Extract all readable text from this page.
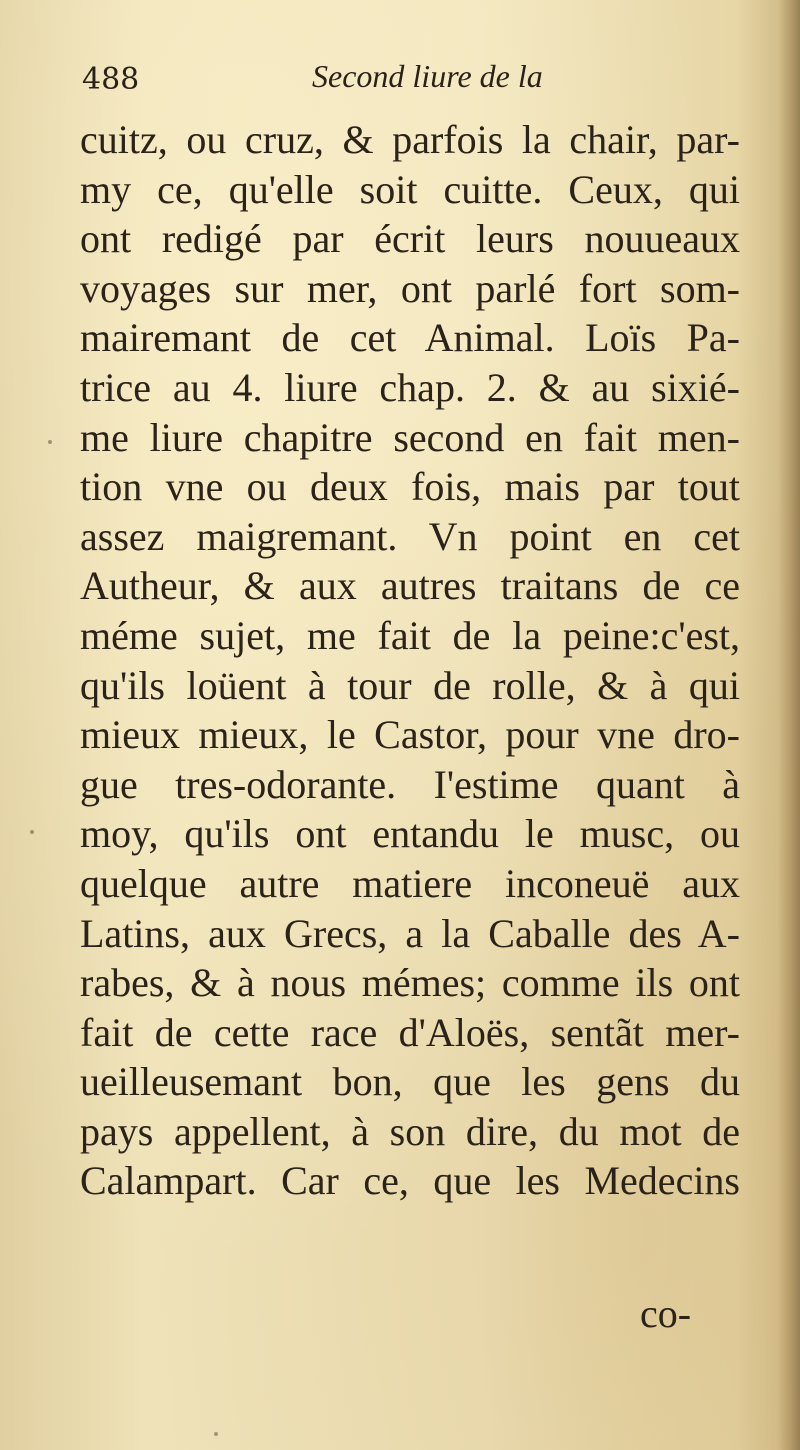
488	Second liure de la
cuitz, ou cruz, & parfois la chair, par-
my ce, qu'elle soit cuitte. Ceux, qui
ont redigé par écrit leurs nouueaux
voyages sur mer, ont parlé fort som-
mairemant de cet Animal. Loïs Pa-
trice au 4. liure chap. 2. & au sixié-
me liure chapitre second en fait men-
tion vne ou deux fois, mais par tout
assez maigremant. Vn point en cet
Autheur, & aux autres traitans de ce
méme sujet, me fait de la peine:c'est,
qu'ils loüent à tour de rolle, & à qui
mieux mieux, le Castor, pour vne dro-
gue tres-odorante. I'estime quant à
moy, qu'ils ont entandu le musc, ou
quelque autre matiere inconeuë aux
Latins, aux Grecs, a la Caballe des A-
rabes, & à nous mémes; comme ils ont
fait de cette race d'Aloës, sentãt mer-
ueilleusemant bon, que les gens du
pays appellent, à son dire, du mot de
Calampart. Car ce, que les Medecins
co-
